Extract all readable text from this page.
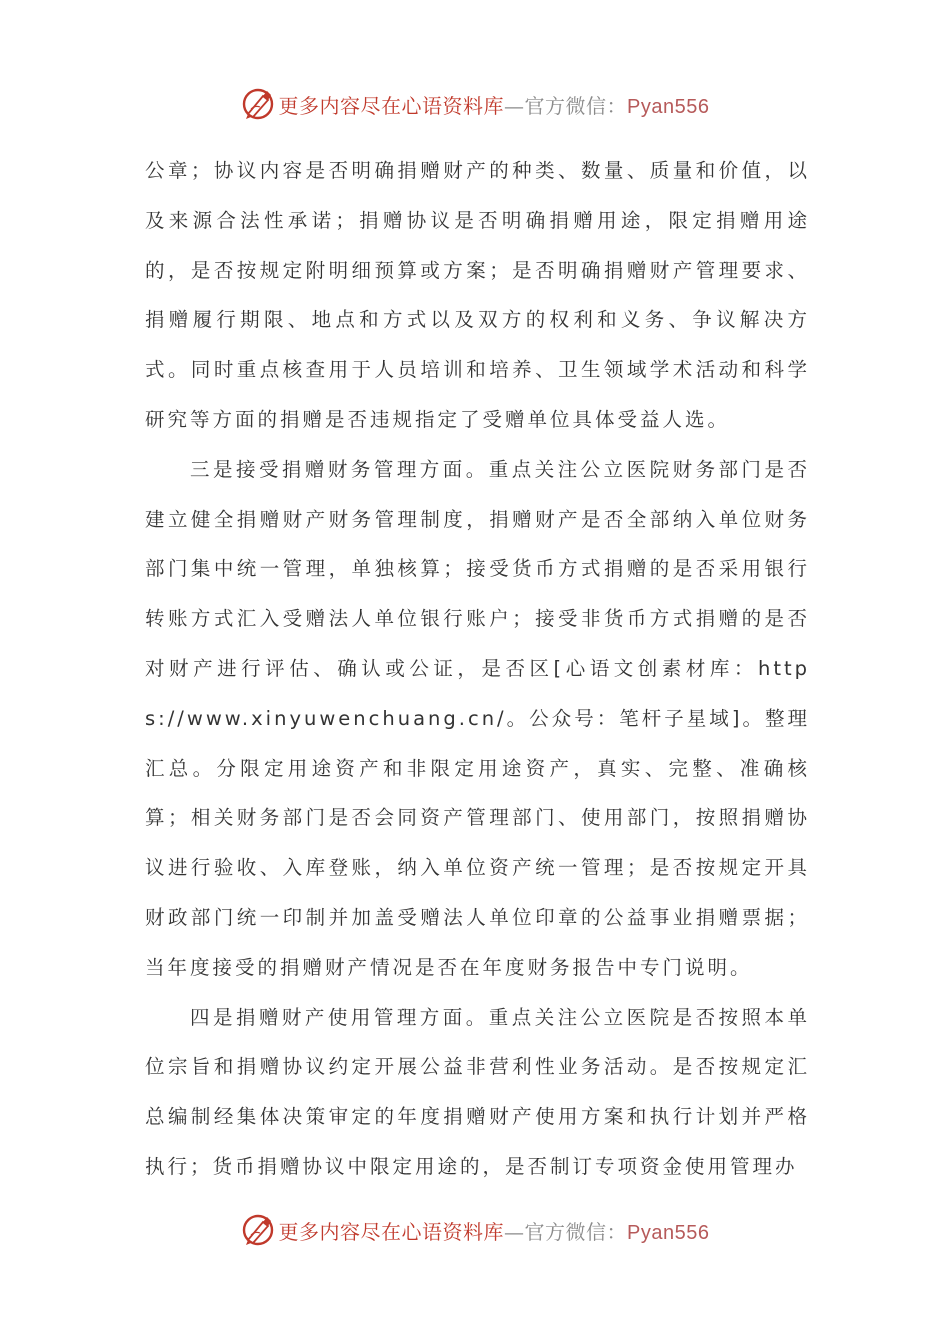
更多内容尽在心语资料库—官方微信：Pyan556

公章；协议内容是否明确捐赠财产的种类、数量、质量和价值，以及来源合法性承诺；捐赠协议是否明确捐赠用途，限定捐赠用途的，是否按规定附明细预算或方案；是否明确捐赠财产管理要求、捐赠履行期限、地点和方式以及双方的权利和义务、争议解决方式。同时重点核查用于人员培训和培养、卫生领域学术活动和科学研究等方面的捐赠是否违规指定了受赠单位具体受益人选。

三是接受捐赠财务管理方面。重点关注公立医院财务部门是否建立健全捐赠财产财务管理制度，捐赠财产是否全部纳入单位财务部门集中统一管理，单独核算；接受货币方式捐赠的是否采用银行转账方式汇入受赠法人单位银行账户；接受非货币方式捐赠的是否对财产进行评估、确认或公证，是否区[心语文创素材库：https://www.xinyuwenchuang.cn/。公众号：笔杆子星域]。整理汇总。分限定用途资产和非限定用途资产，真实、完整、准确核算；相关财务部门是否会同资产管理部门、使用部门，按照捐赠协议进行验收、入库登账，纳入单位资产统一管理；是否按规定开具财政部门统一印制并加盖受赠法人单位印章的公益事业捐赠票据；当年度接受的捐赠财产情况是否在年度财务报告中专门说明。

四是捐赠财产使用管理方面。重点关注公立医院是否按照本单位宗旨和捐赠协议约定开展公益非营利性业务活动。是否按规定汇总编制经集体决策审定的年度捐赠财产使用方案和执行计划并严格执行；货币捐赠协议中限定用途的，是否制订专项资金使用管理办

更多内容尽在心语资料库—官方微信：Pyan556
